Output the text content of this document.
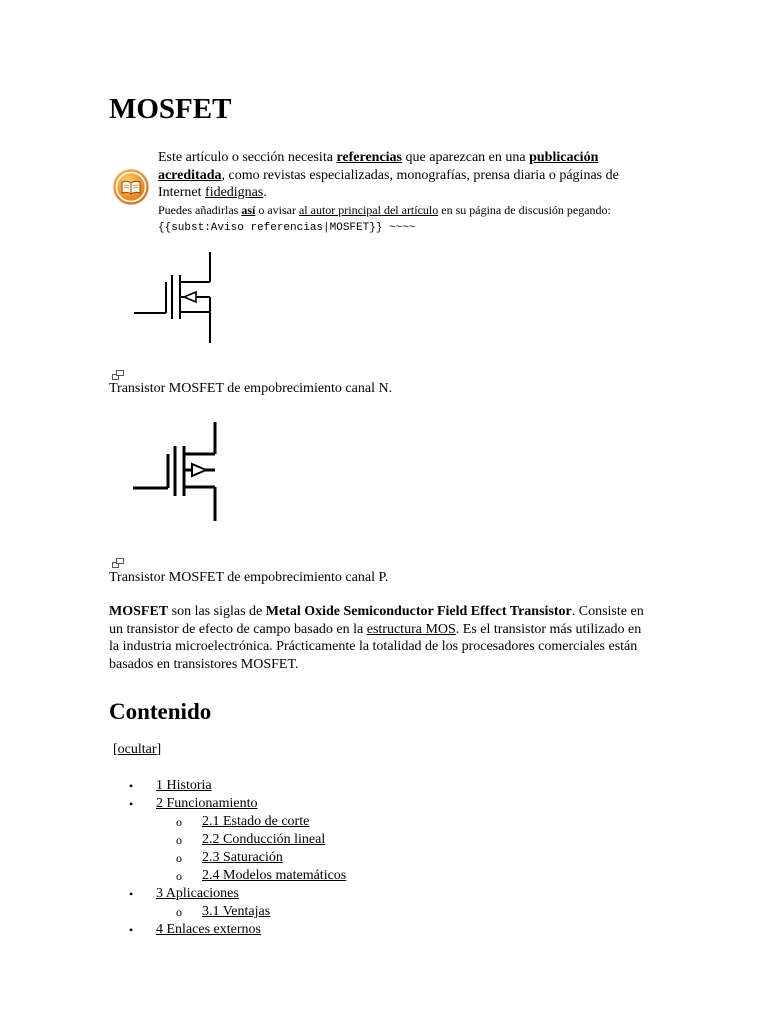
MOSFET
Este artículo o sección necesita referencias que aparezcan en una publicación acreditada, como revistas especializadas, monografías, prensa diaria o páginas de Internet fidedignas.
Puedes añadirlas así o avisar al autor principal del artículo en su página de discusión pegando: {{subst:Aviso referencias|MOSFET}} ~~~~
Transistor MOSFET de empobrecimiento canal N.
Transistor MOSFET de empobrecimiento canal P.

MOSFET son las siglas de Metal Oxide Semiconductor Field Effect Transistor. Consiste en un transistor de efecto de campo basado en la estructura MOS. Es el transistor más utilizado en la industria microelectrónica. Prácticamente la totalidad de los procesadores comerciales están basados en transistores MOSFET.

Contenido
[ocultar]
• 1 Historia
• 2 Funcionamiento
o 2.1 Estado de corte
o 2.2 Conducción lineal
o 2.3 Saturación
o 2.4 Modelos matemáticos
• 3 Aplicaciones
o 3.1 Ventajas
• 4 Enlaces externos
